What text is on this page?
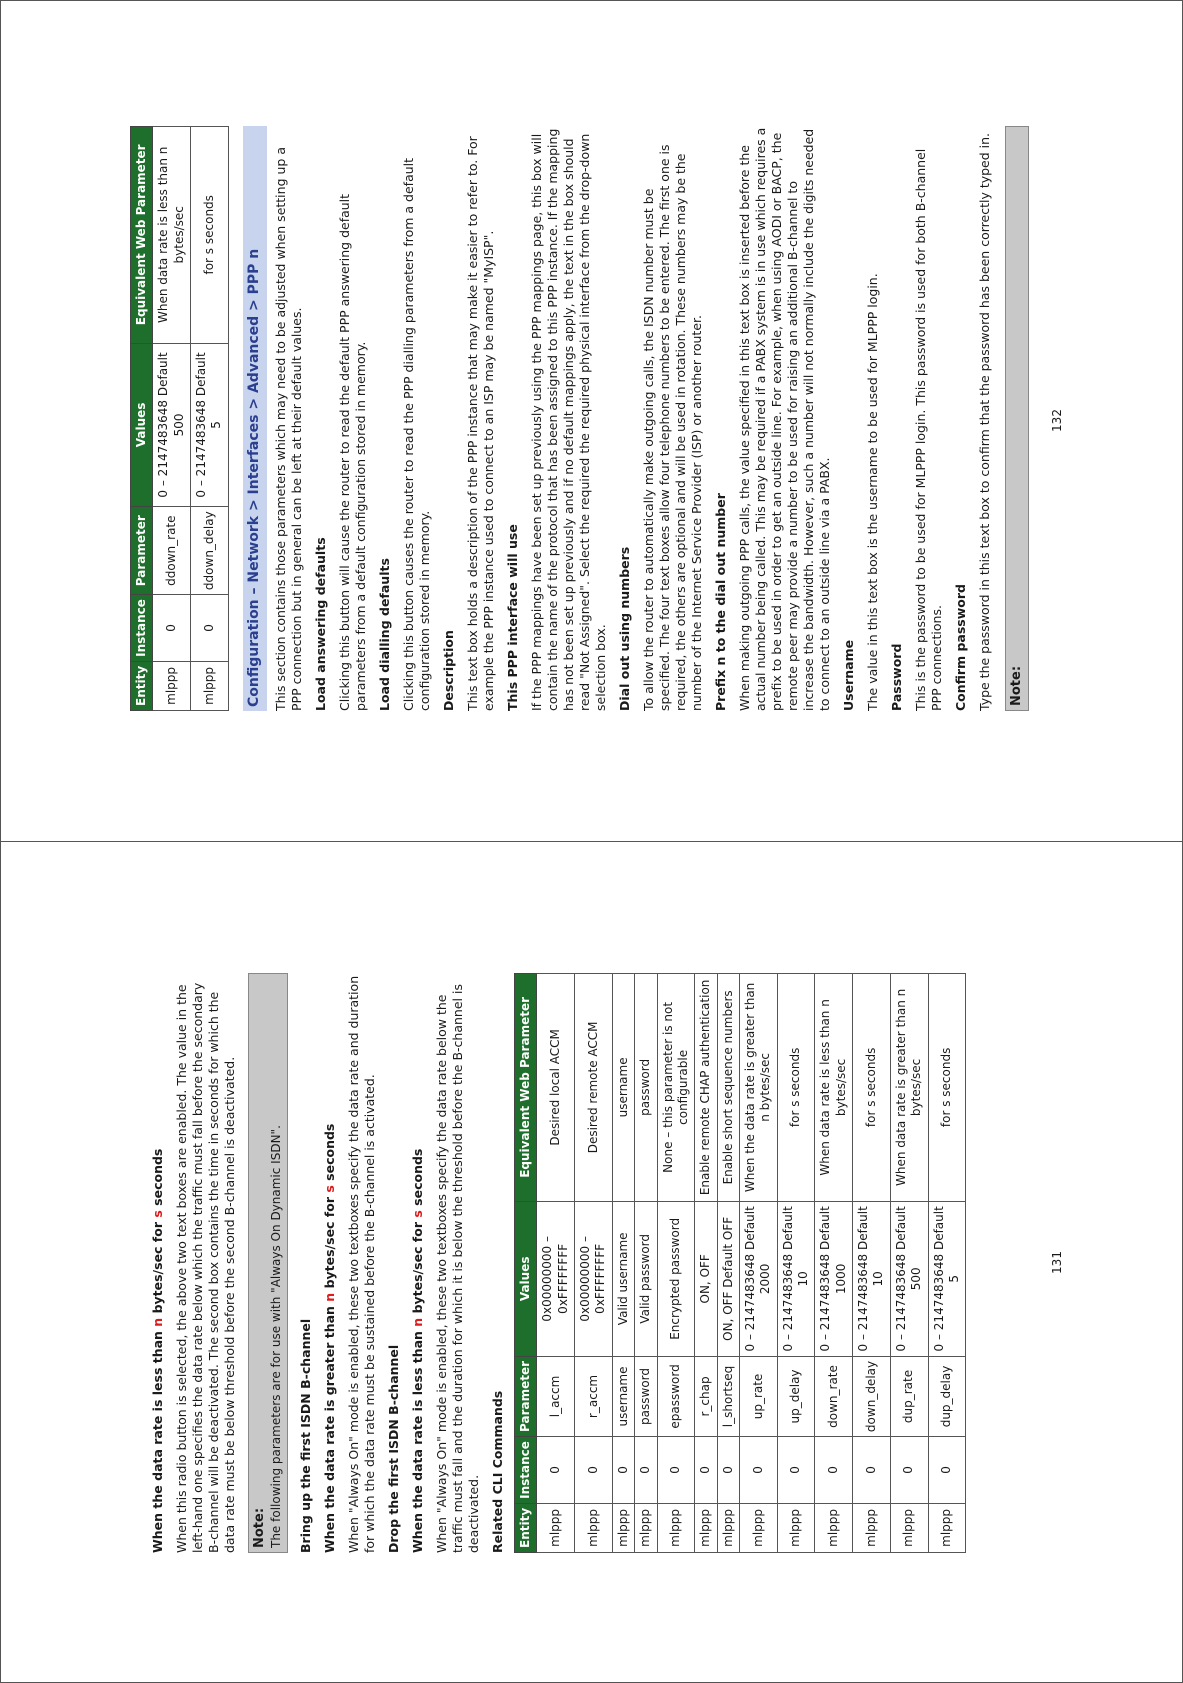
When the data rate is less than n bytes/sec for s seconds When this radio button is selected, the above two text boxes are enabled. The value in the left-hand one specifies the data rate below which the traffic must fall before the secondary B-channel will be deactivated. The second box contains the time in seconds for which the data rate must be below threshold before the second B-channel is deactivated. Note: The following parameters are for use with "Always On Dynamic ISDN".	Bring up the first ISDN B-channel When the data rate is greater than n bytes/sec for s seconds When "Always On" mode is enabled, these two textboxes specify the data rate and duration for which the data rate must be sustained before the B-channel is activated. Drop the first ISDN B-channel When the data rate is less than n bytes/sec for s seconds When "Always On" mode is enabled, these two textboxes specify the data rate below the traffic must fall and the duration for which it is below the threshold before the B-channel is deactivated. Related CLI Commands Entity	Instance	Parameter	Values	Equivalent Web Parameter
mlppp	0	l_accm	0x00000000 – 0xFFFFFFFF	Desired local ACCM
mlppp	0	r_accm	0x00000000 – 0xFFFFFFFF	Desired remote ACCM
mlppp	0	username	Valid username	username
mlppp	0	password	Valid password	password
mlppp	0	epassword	Encrypted password	None – this parameter is not configurable
mlppp	0	r_chap	ON, OFF	Enable remote CHAP authentication
mlppp	0	l_shortseq	ON, OFF Default OFF	Enable short sequence numbers
mlppp	0	up_rate	0 – 2147483648 Default 2000	When the data rate is greater than n bytes/sec
mlppp	0	up_delay	0 – 2147483648 Default 10	for s seconds
mlppp	0	down_rate	0 – 2147483648 Default 1000	When data rate is less than n bytes/sec
mlppp	0	down_delay	0 – 2147483648 Default 10	for s seconds
mlppp	0	dup_rate	0 – 2147483648 Default 500	When data rate is greater than n bytes/sec
mlppp	0	dup_delay	0 – 2147483648 Default 5	for s seconds
131
Entity	Instance	Parameter	Values	Equivalent Web Parameter
mlppp	0	ddown_rate	0 – 2147483648 Default 500	When data rate is less than n bytes/sec
mlppp	0	ddown_delay	0 – 2147483648 Default 5	for s seconds
Configuration – Network > Interfaces > Advanced > PPP n This section contains those parameters which may need to be adjusted when setting up a PPP connection but in general can be left at their default values. Load answering defaults Clicking this button will cause the router to read the default PPP answering default parameters from a default configuration stored in memory. Load dialling defaults Clicking this button causes the router to read the PPP dialling parameters from a default configuration stored in memory. Description This text box holds a description of the PPP instance that may make it easier to refer to. For example the PPP instance used to connect to an ISP may be named "MyISP". This PPP interface will use If the PPP mappings have been set up previously using the PPP mappings page, this box will contain the name of the protocol that has been assigned to this PPP instance. If the mapping has not been set up previously and if no default mappings apply, the text in the box should read "Not Assigned". Select the required the required physical interface from the drop-down selection box. Dial out using numbers To allow the router to automatically make outgoing calls, the ISDN number must be specified. The four text boxes allow four telephone numbers to be entered. The first one is required, the others are optional and will be used in rotation. These numbers may be the number of the Internet Service Provider (ISP) or another router. Prefix n to the dial out number When making outgoing PPP calls, the value specified in this text box is inserted before the actual number being called. This may be required if a PABX system is in use which requires a prefix to be used in order to get an outside line. For example, when using AODI or BACP, the remote peer may provide a number to be used for raising an additional B-channel to increase the bandwidth. However, such a number will not normally include the digits needed to connect to an outside line via a PABX. Username The value in this text box is the username to be used for MLPPP login. Password This is the password to be used for MLPPP login. This password is used for both B-channel PPP connections. Confirm password Type the password in this text box to confirm that the password has been correctly typed in. Note:
132
